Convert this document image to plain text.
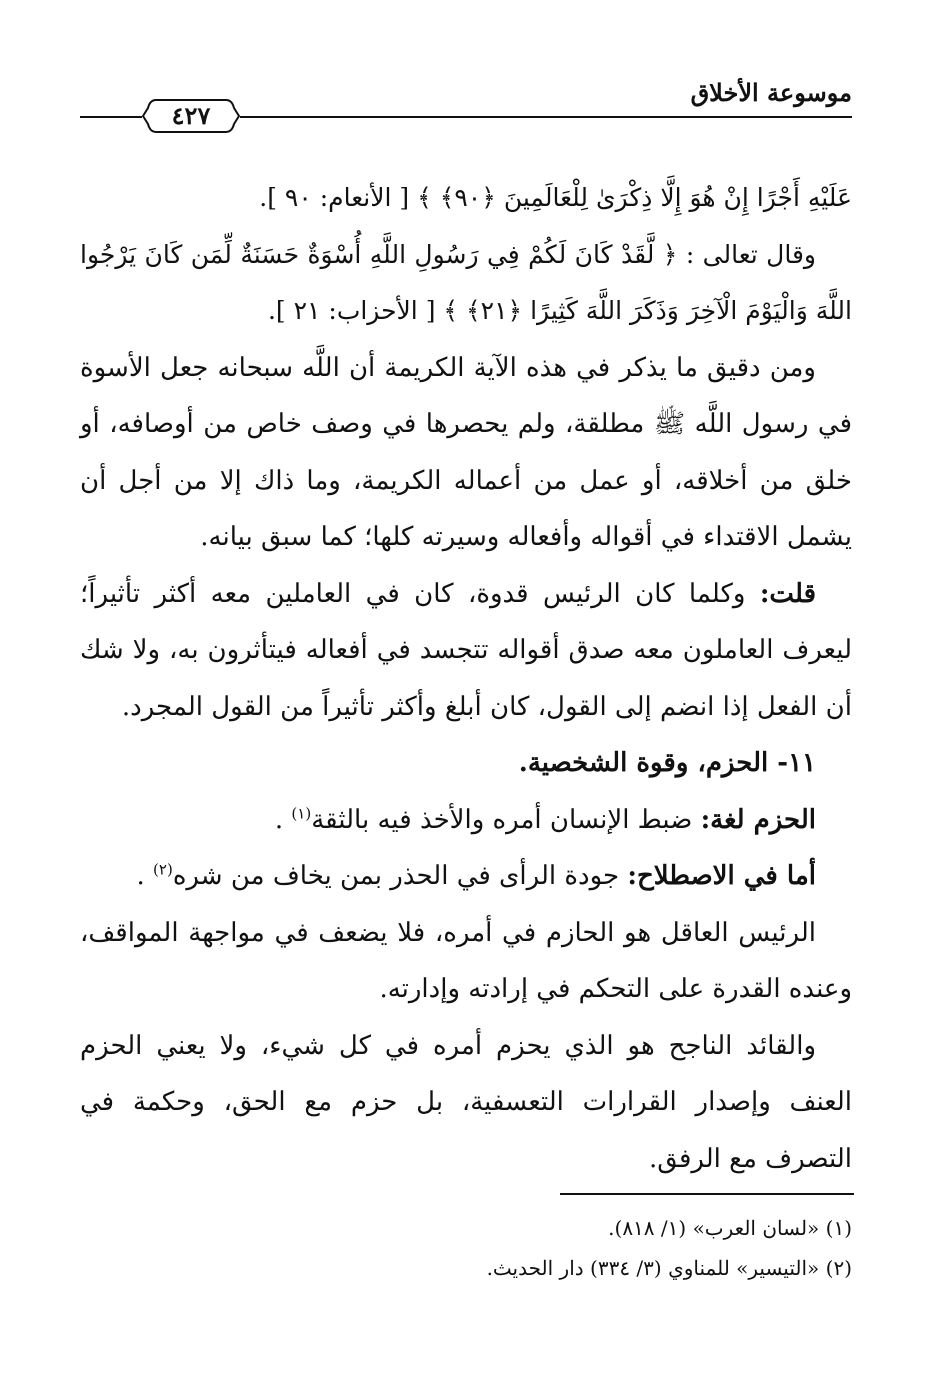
موسوعة الأخلاق
٤٢٧

عَلَيْهِ أَجْرًا إِنْ هُوَ إِلَّا ذِكْرَىٰ لِلْعَالَمِينَ ﴿٩٠﴾ ﴾ [ الأنعام: ٩٠ ].

وقال تعالى : ﴿ لَّقَدْ كَانَ لَكُمْ فِي رَسُولِ اللَّهِ أُسْوَةٌ حَسَنَةٌ لِّمَن كَانَ يَرْجُوا اللَّهَ وَالْيَوْمَ الْآخِرَ وَذَكَرَ اللَّهَ كَثِيرًا ﴿٢١﴾ ﴾ [ الأحزاب: ٢١ ].

ومن دقيق ما يذكر في هذه الآية الكريمة أن اللَّه سبحانه جعل الأسوة في رسول اللَّه ﷺ مطلقة، ولم يحصرها في وصف خاص من أوصافه، أو خلق من أخلاقه، أو عمل من أعماله الكريمة، وما ذاك إلا من أجل أن يشمل الاقتداء في أقواله وأفعاله وسيرته كلها؛ كما سبق بيانه.

قلت: وكلما كان الرئيس قدوة، كان في العاملين معه أكثر تأثيراً؛ ليعرف العاملون معه صدق أقواله تتجسد في أفعاله فيتأثرون به، ولا شك أن الفعل إذا انضم إلى القول، كان أبلغ وأكثر تأثيراً من القول المجرد.

١١- الحزم، وقوة الشخصية.

الحزم لغة: ضبط الإنسان أمره والأخذ فيه بالثقة$^{(١)}$ .

أما في الاصطلاح: جودة الرأى في الحذر بمن يخاف من شره$^{(٢)}$ .

الرئيس العاقل هو الحازم في أمره، فلا يضعف في مواجهة المواقف، وعنده القدرة على التحكم في إرادته وإدارته.

والقائد الناجح هو الذي يحزم أمره في كل شيء، ولا يعني الحزم العنف وإصدار القرارات التعسفية، بل حزم مع الحق، وحكمة في التصرف مع الرفق.

(١) «لسان العرب» (١/ ٨١٨).

(٢) «التيسير» للمناوي (٣/ ٣٣٤) دار الحديث.
